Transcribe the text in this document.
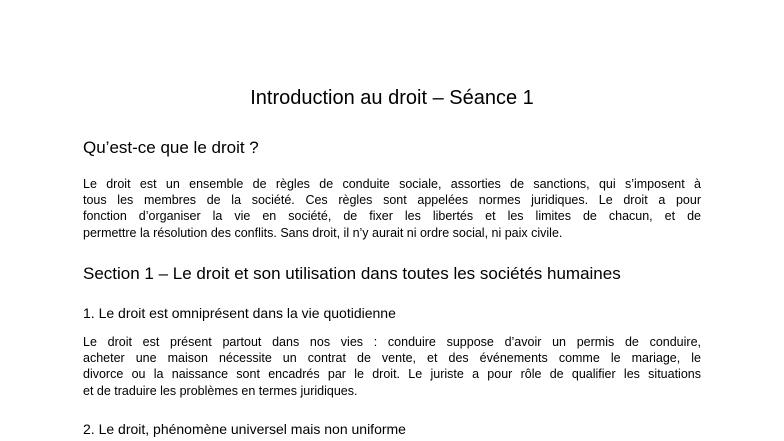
Introduction au droit – Séance 1
Qu’est-ce que le droit ?
Le droit est un ensemble de règles de conduite sociale, assorties de sanctions, qui s’imposent à
tous les membres de la société. Ces règles sont appelées normes juridiques. Le droit a pour
fonction d’organiser la vie en société, de fixer les libertés et les limites de chacun, et de
permettre la résolution des conflits. Sans droit, il n’y aurait ni ordre social, ni paix civile.
Section 1 – Le droit et son utilisation dans toutes les sociétés humaines
1. Le droit est omniprésent dans la vie quotidienne
Le droit est présent partout dans nos vies : conduire suppose d’avoir un permis de conduire,
acheter une maison nécessite un contrat de vente, et des événements comme le mariage, le
divorce ou la naissance sont encadrés par le droit. Le juriste a pour rôle de qualifier les situations
et de traduire les problèmes en termes juridiques.
2. Le droit, phénomène universel mais non uniforme
